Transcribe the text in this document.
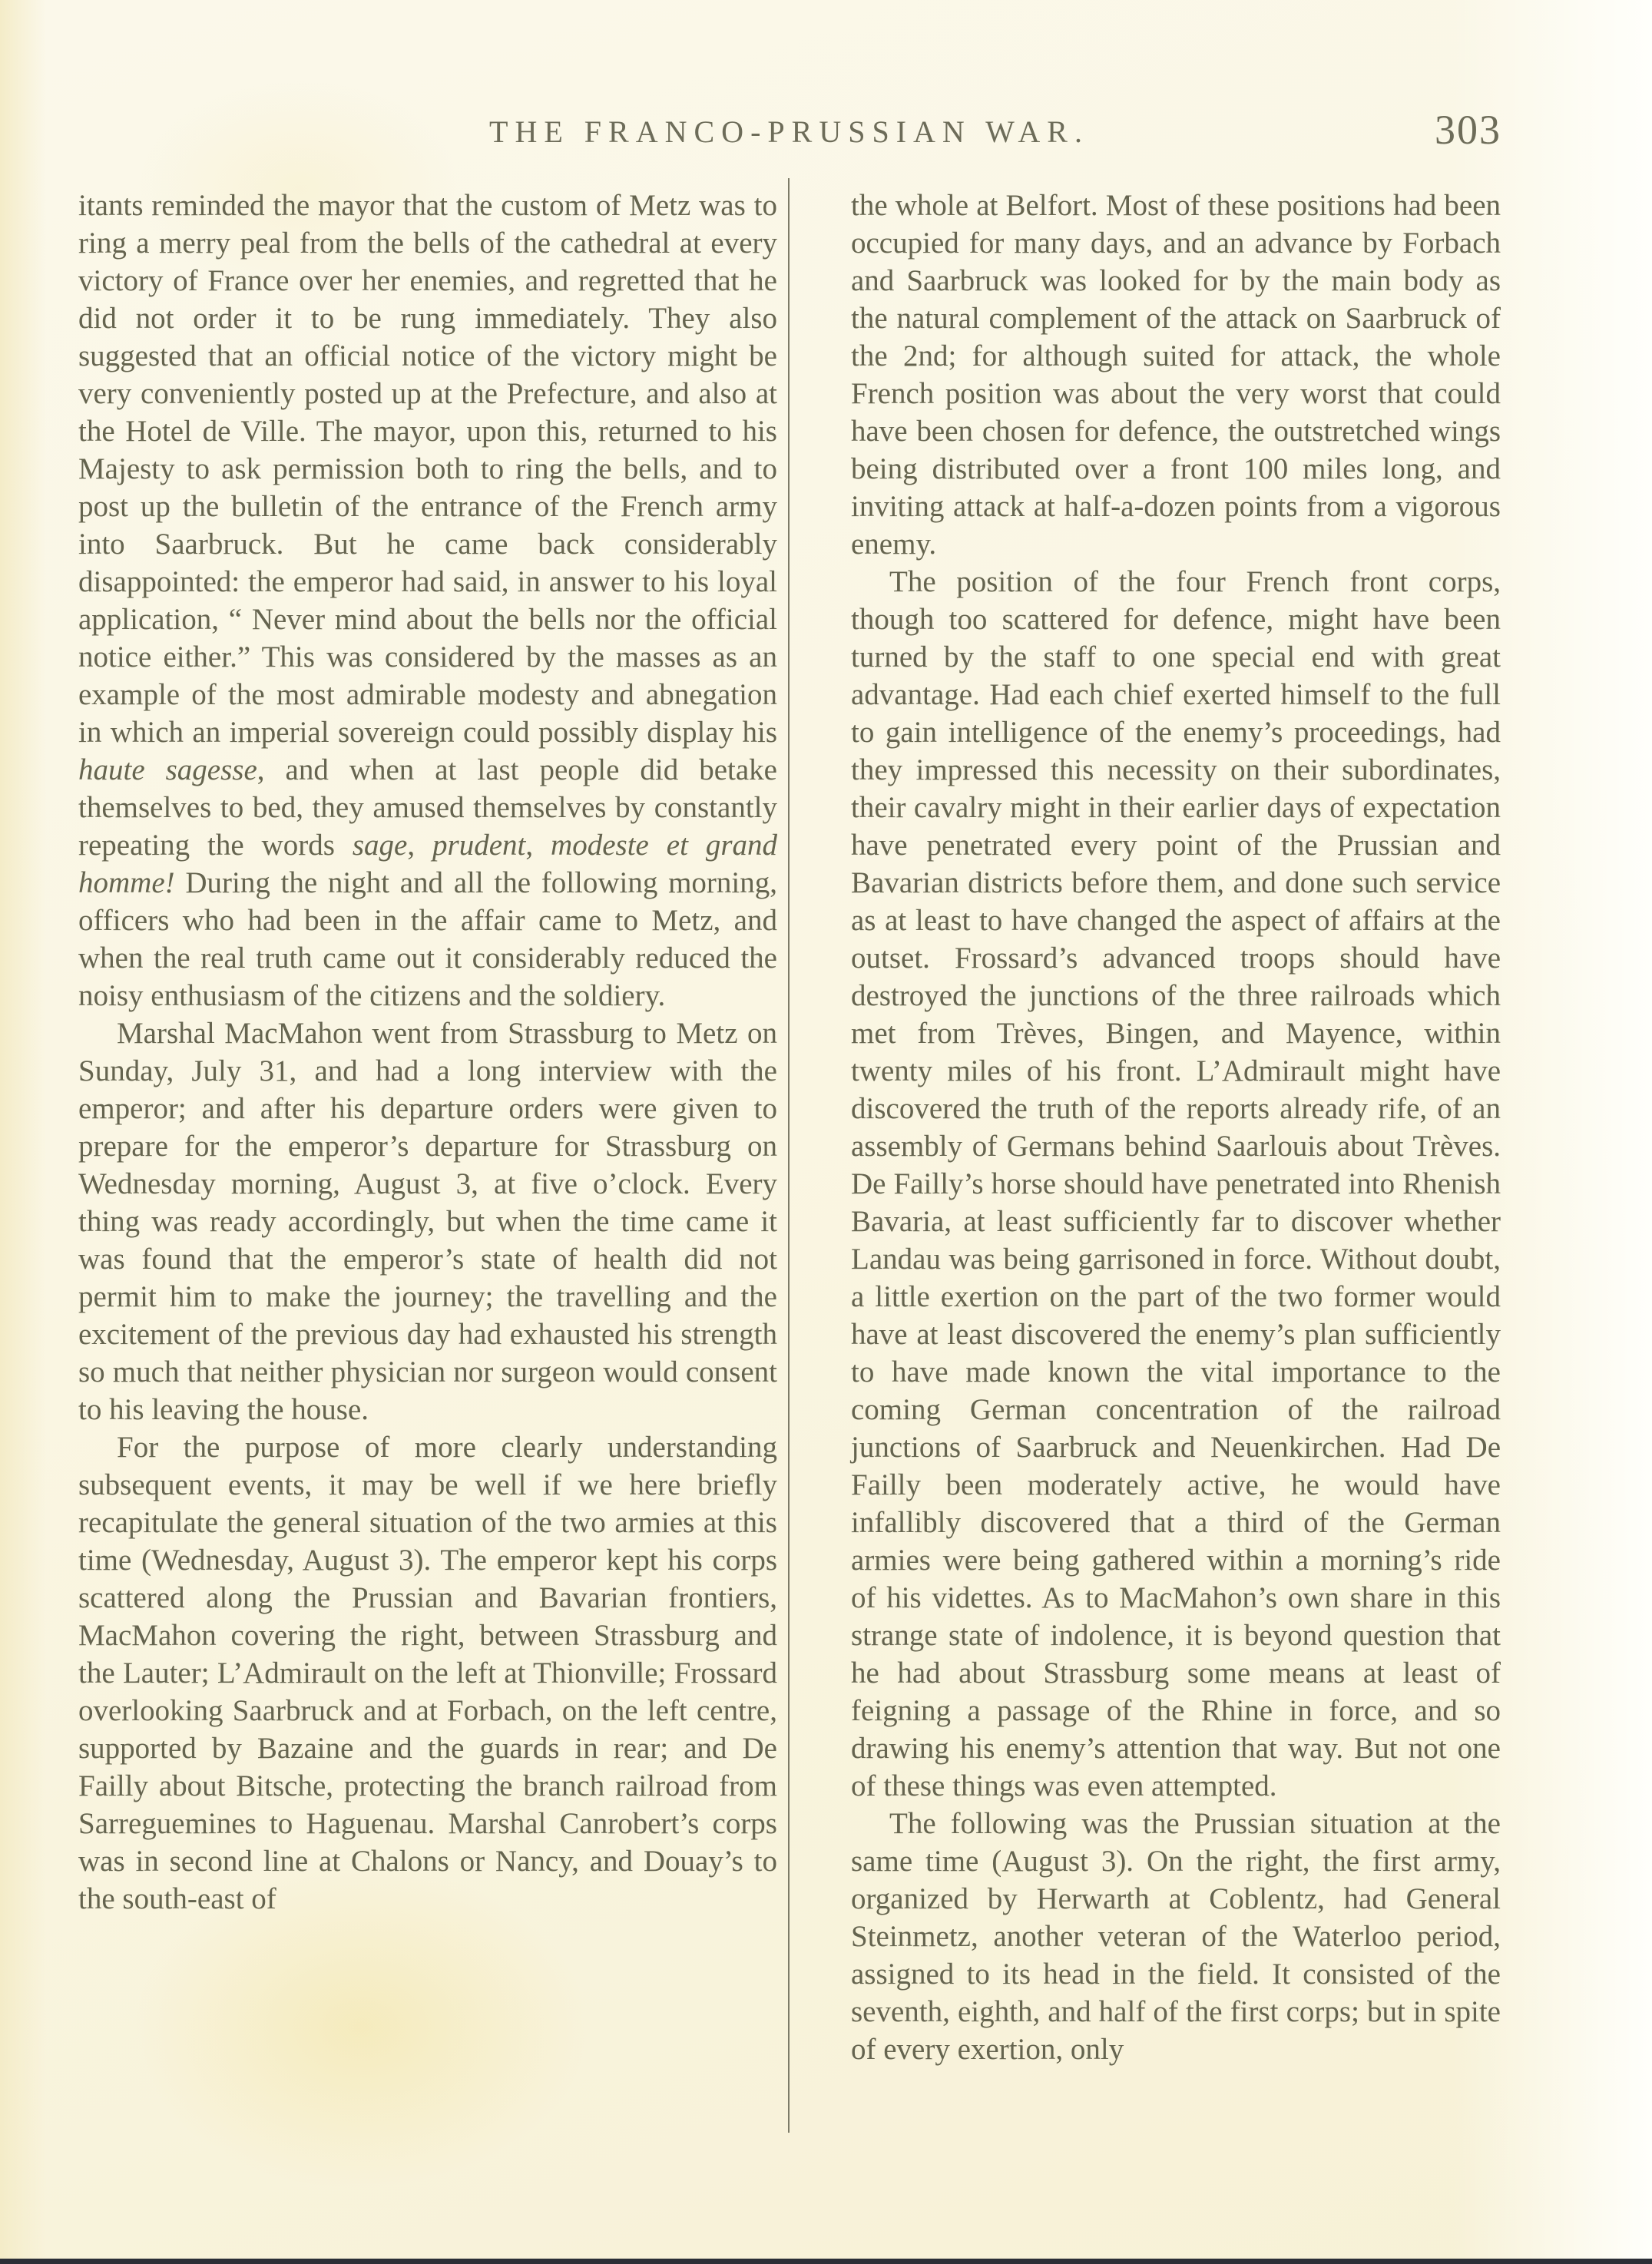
THE FRANCO-PRUSSIAN WAR.	303

itants reminded the mayor that the custom of Metz was to ring a merry peal from the bells of the cathedral at every victory of France over her enemies, and regretted that he did not order it to be rung immediately. They also suggested that an official notice of the victory might be very conveniently posted up at the Prefecture, and also at the Hotel de Ville. The mayor, upon this, returned to his Majesty to ask permission both to ring the bells, and to post up the bulletin of the entrance of the French army into Saarbruck. But he came back considerably disappointed: the emperor had said, in answer to his loyal application, “ Never mind about the bells nor the official notice either.” This was considered by the masses as an example of the most admirable modesty and abnegation in which an imperial sovereign could possibly display his haute sagesse, and when at last people did betake themselves to bed, they amused themselves by constantly repeating the words sage, prudent, modeste et grand homme! During the night and all the following morning, officers who had been in the affair came to Metz, and when the real truth came out it considerably reduced the noisy enthusiasm of the citizens and the soldiery.

Marshal MacMahon went from Strassburg to Metz on Sunday, July 31, and had a long interview with the emperor; and after his departure orders were given to prepare for the emperor’s departure for Strassburg on Wednesday morning, August 3, at five o’clock. Every thing was ready accordingly, but when the time came it was found that the emperor’s state of health did not permit him to make the journey; the travelling and the excitement of the previous day had exhausted his strength so much that neither physician nor surgeon would consent to his leaving the house.

For the purpose of more clearly understanding subsequent events, it may be well if we here briefly recapitulate the general situation of the two armies at this time (Wednesday, August 3). The emperor kept his corps scattered along the Prussian and Bavarian frontiers, MacMahon covering the right, between Strassburg and the Lauter; L’Admirault on the left at Thionville; Frossard overlooking Saarbruck and at Forbach, on the left centre, supported by Bazaine and the guards in rear; and De Failly about Bitsche, protecting the branch railroad from Sarreguemines to Haguenau. Marshal Canrobert’s corps was in second line at Chalons or Nancy, and Douay’s to the south-east of

the whole at Belfort. Most of these positions had been occupied for many days, and an advance by Forbach and Saarbruck was looked for by the main body as the natural complement of the attack on Saarbruck of the 2nd; for although suited for attack, the whole French position was about the very worst that could have been chosen for defence, the outstretched wings being distributed over a front 100 miles long, and inviting attack at half-a-dozen points from a vigorous enemy.

The position of the four French front corps, though too scattered for defence, might have been turned by the staff to one special end with great advantage. Had each chief exerted himself to the full to gain intelligence of the enemy’s proceedings, had they impressed this necessity on their subordinates, their cavalry might in their earlier days of expectation have penetrated every point of the Prussian and Bavarian districts before them, and done such service as at least to have changed the aspect of affairs at the outset. Frossard’s advanced troops should have destroyed the junctions of the three railroads which met from Trèves, Bingen, and Mayence, within twenty miles of his front. L’Admirault might have discovered the truth of the reports already rife, of an assembly of Germans behind Saarlouis about Trèves. De Failly’s horse should have penetrated into Rhenish Bavaria, at least sufficiently far to discover whether Landau was being garrisoned in force. Without doubt, a little exertion on the part of the two former would have at least discovered the enemy’s plan sufficiently to have made known the vital importance to the coming German concentration of the railroad junctions of Saarbruck and Neuenkirchen. Had De Failly been moderately active, he would have infallibly discovered that a third of the German armies were being gathered within a morning’s ride of his videttes. As to MacMahon’s own share in this strange state of indolence, it is beyond question that he had about Strassburg some means at least of feigning a passage of the Rhine in force, and so drawing his enemy’s attention that way. But not one of these things was even attempted.

The following was the Prussian situation at the same time (August 3). On the right, the first army, organized by Herwarth at Coblentz, had General Steinmetz, another veteran of the Waterloo period, assigned to its head in the field. It consisted of the seventh, eighth, and half of the first corps; but in spite of every exertion, only
